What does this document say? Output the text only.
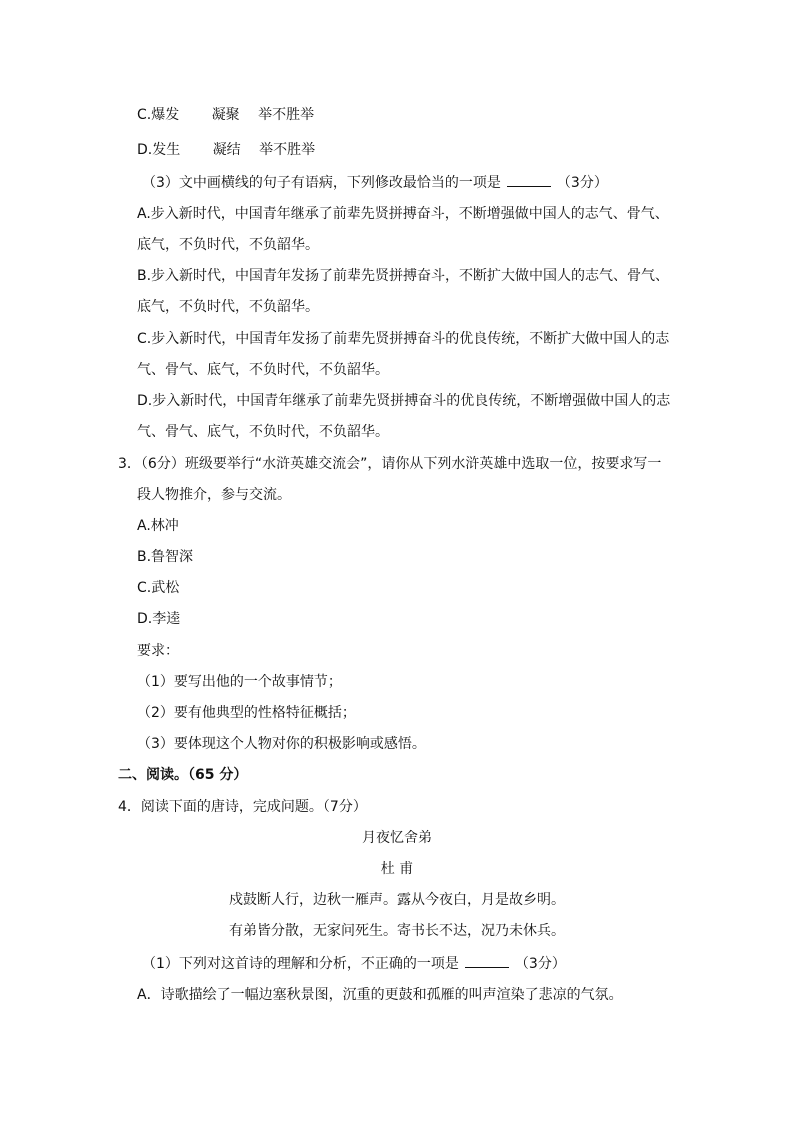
C.爆发 凝聚 举不胜举
D.发生 凝结 举不胜举
（3）文中画横线的句子有语病，下列修改最恰当的一项是	（3分）
A.步入新时代，中国青年继承了前辈先贤拼搏奋斗，不断增强做中国人的志气、骨气、
底气，不负时代，不负韶华。
B.步入新时代，中国青年发扬了前辈先贤拼搏奋斗，不断扩大做中国人的志气、骨气、
底气，不负时代，不负韶华。
C.步入新时代，中国青年发扬了前辈先贤拼搏奋斗的优良传统，不断扩大做中国人的志
气、骨气、底气，不负时代，不负韶华。
D.步入新时代，中国青年继承了前辈先贤拼搏奋斗的优良传统，不断增强做中国人的志
气、骨气、底气，不负时代，不负韶华。
3．（6分）班级要举行“水浒英雄交流会”，请你从下列水浒英雄中选取一位，按要求写一
段人物推介，参与交流。
A.林冲
B.鲁智深
C.武松
D.李逵
要求：
（1）要写出他的一个故事情节；
（2）要有他典型的性格特征概括；
（3）要体现这个人物对你的积极影响或感悟。
二、阅读。（65 分）
4．阅读下面的唐诗，完成问题。（7分）
月夜忆舍弟
杜 甫
戍鼓断人行，边秋一雁声。露从今夜白，月是故乡明。
有弟皆分散，无家问死生。寄书长不达，况乃未休兵。
（1）下列对这首诗的理解和分析，不正确的一项是	（3分）
A．诗歌描绘了一幅边塞秋景图，沉重的更鼓和孤雁的叫声渲染了悲凉的气氛。
